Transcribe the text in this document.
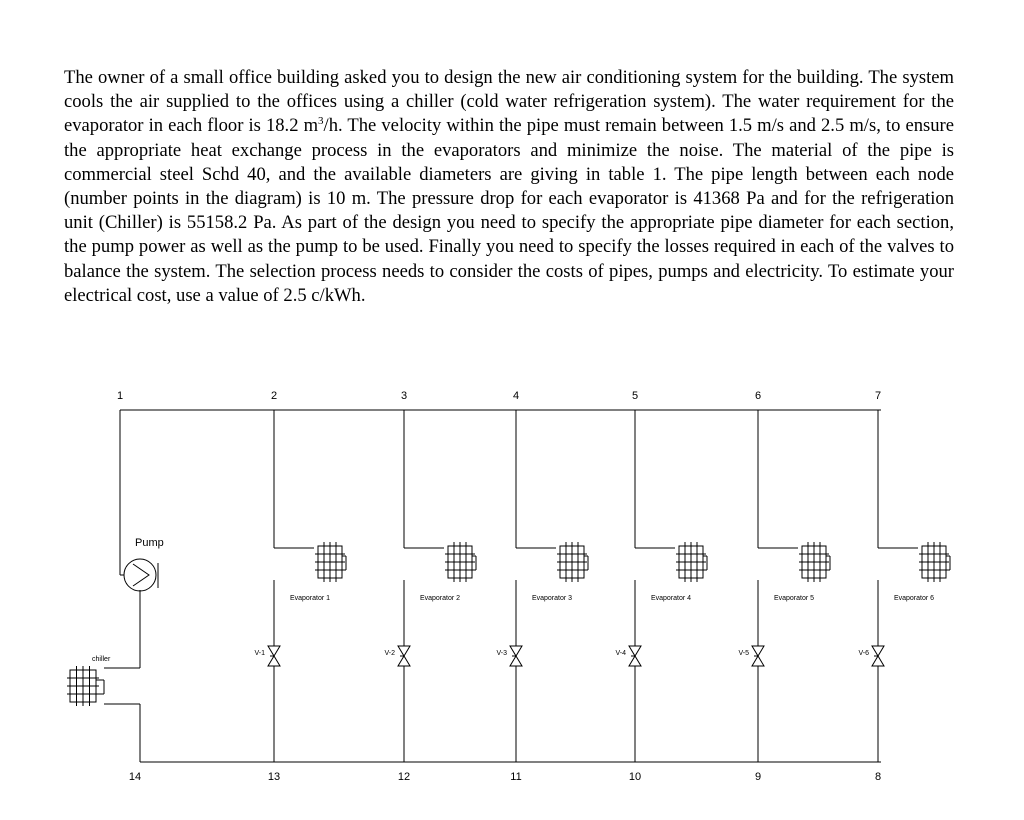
The owner of a small office building asked you to design the new air conditioning system for the building. The system cools the air supplied to the offices using a chiller (cold water refrigeration system). The water requirement for the evaporator in each floor is 18.2 $m^3/h$. The velocity within the pipe must remain between 1.5 m/s and 2.5 m/s, to ensure the appropriate heat exchange process in the evaporators and minimize the noise. The material of the pipe is commercial steel Schd 40, and the available diameters are giving in table 1. The pipe length between each node (number points in the diagram) is 10 m. The pressure drop for each evaporator is 41368 Pa and for the refrigeration unit (Chiller) is 55158.2 Pa. As part of the design you need to specify the appropriate pipe diameter for each section, the pump power as well as the pump to be used. Finally you need to specify the losses required in each of the valves to balance the system. The selection process needs to consider the costs of pipes, pumps and electricity. To estimate your electrical cost, use a value of 2.5 c/kWh.

Pump
chiller
Evaporator 1
V-1
Evaporator 2
V-2
Evaporator 3
V-3
Evaporator 4
V-4
Evaporator 5
V-5
Evaporator 6
V-6
1	2	3	4	5	6	7
14	13	12	11	10	9	8
